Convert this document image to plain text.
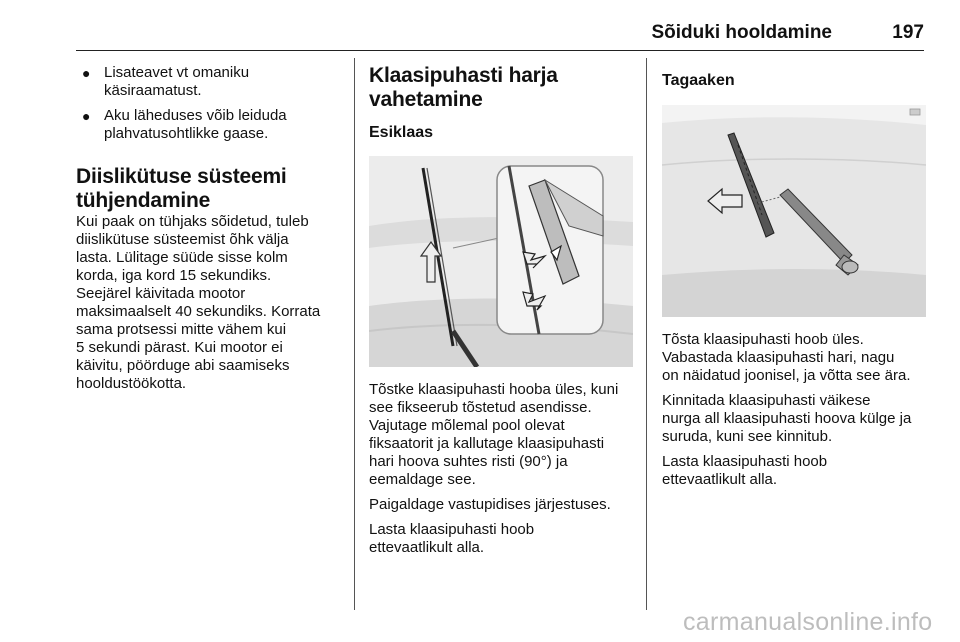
Sõiduki hooldamine	197
● Lisateavet vt omaniku käsiraamatust.
● Aku läheduses võib leiduda plahvatusohtlikke gaase.
Diislikütuse süsteemi
tühjendamine

Kui paak on tühjaks sõidetud, tuleb
diislikütuse süsteemist õhk välja
lasta. Lülitage süüde sisse kolm
korda, iga kord 15 sekundiks.
Seejärel käivitada mootor
maksimaalselt 40 sekundiks. Korrata
sama protsessi mitte vähem kui
5 sekundi pärast. Kui mootor ei
käivitu, pöörduge abi saamiseks
hooldustöökotta.

Klaasipuhasti harja
vahetamine
Esiklaas

Tõstke klaasipuhasti hooba üles, kuni
see fikseerub tõstetud asendisse.
Vajutage mõlemal pool olevat
fiksaatorit ja kallutage klaasipuhasti
hari hoova suhtes risti (90°) ja
eemaldage see.

Paigaldage vastupidises järjestuses.

Lasta klaasipuhasti hoob
ettevaatlikult alla.

Tagaaken

Tõsta klaasipuhasti hoob üles.
Vabastada klaasipuhasti hari, nagu
on näidatud joonisel, ja võtta see ära.

Kinnitada klaasipuhasti väikese
nurga all klaasipuhasti hoova külge ja
suruda, kuni see kinnitub.

Lasta klaasipuhasti hoob
ettevaatlikult alla.

carmanualsonline.info
